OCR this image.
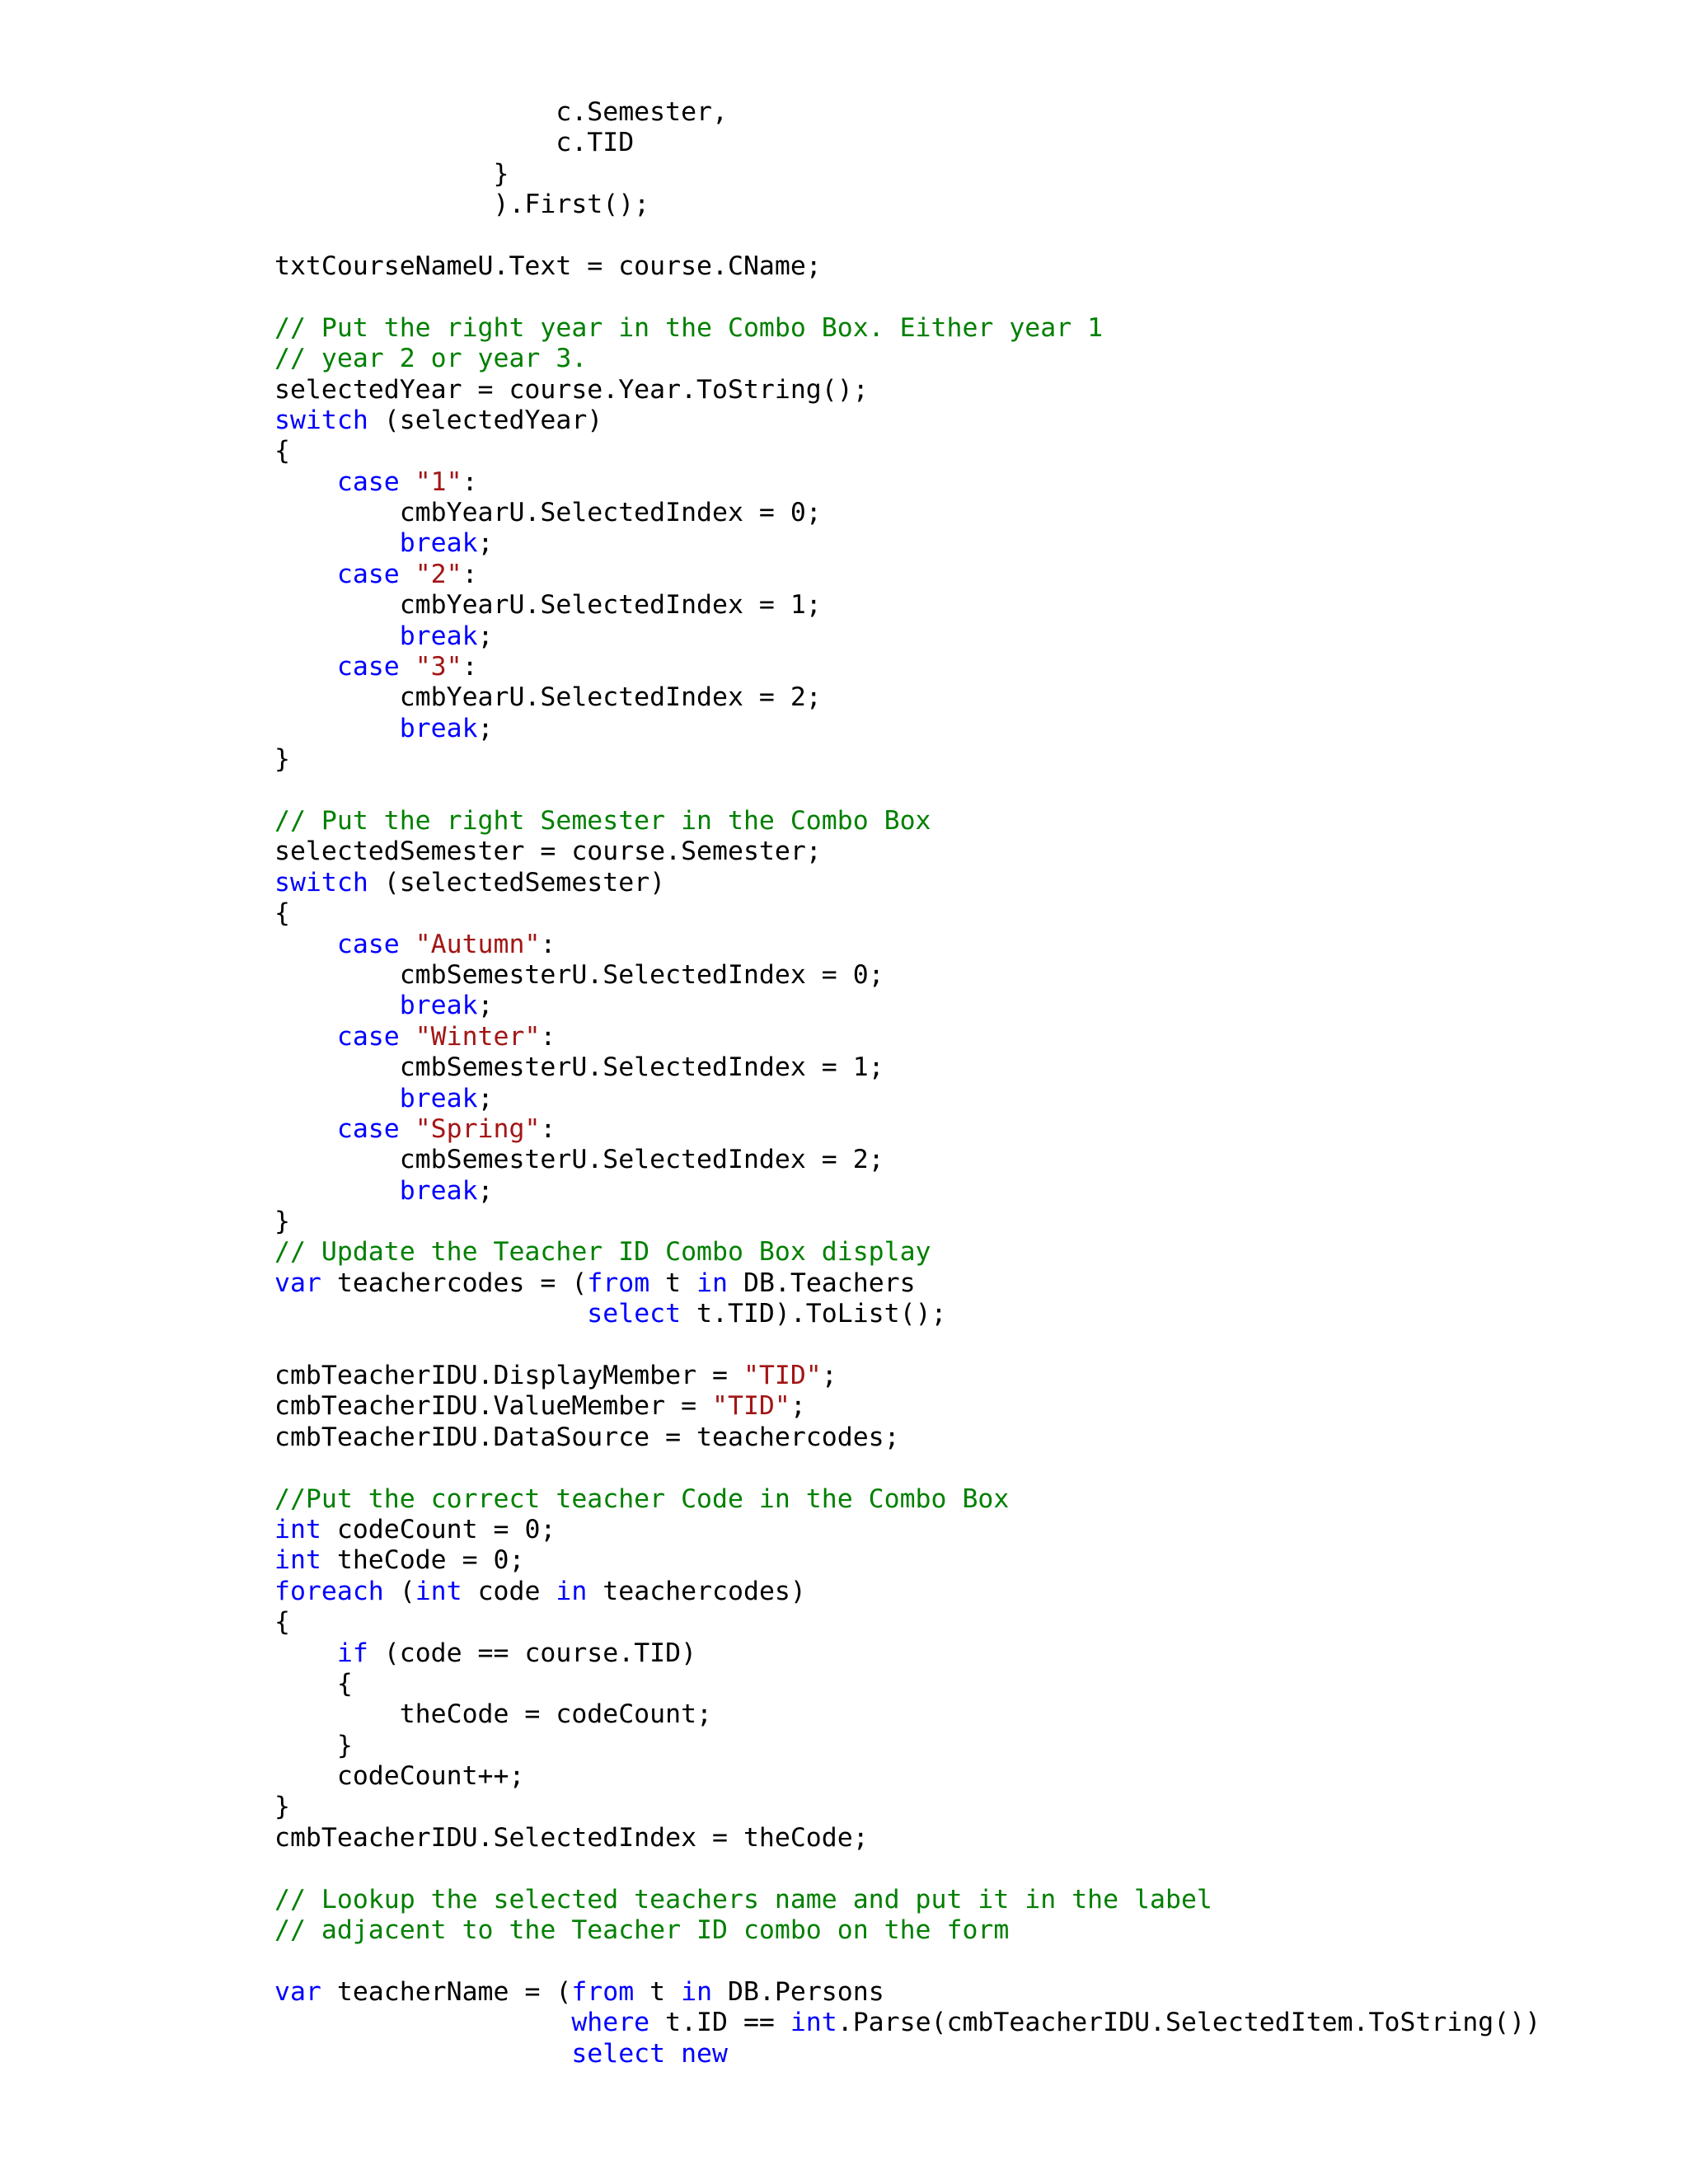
c.Semester,
c.TID
}
).First();

txtCourseNameU.Text = course.CName;

// Put the right year in the Combo Box. Either year 1
// year 2 or year 3.
selectedYear = course.Year.ToString();
switch (selectedYear)
{
case "1":
cmbYearU.SelectedIndex = 0;
break;
case "2":
cmbYearU.SelectedIndex = 1;
break;
case "3":
cmbYearU.SelectedIndex = 2;
break;
}

// Put the right Semester in the Combo Box
selectedSemester = course.Semester;
switch (selectedSemester)
{
case "Autumn":
cmbSemesterU.SelectedIndex = 0;
break;
case "Winter":
cmbSemesterU.SelectedIndex = 1;
break;
case "Spring":
cmbSemesterU.SelectedIndex = 2;
break;
}
// Update the Teacher ID Combo Box display
var teachercodes = (from t in DB.Teachers
select t.TID).ToList();

cmbTeacherIDU.DisplayMember = "TID";
cmbTeacherIDU.ValueMember = "TID";
cmbTeacherIDU.DataSource = teachercodes;

//Put the correct teacher Code in the Combo Box
int codeCount = 0;
int theCode = 0;
foreach (int code in teachercodes)
{
if (code == course.TID)
{
theCode = codeCount;
}
codeCount++;
}
cmbTeacherIDU.SelectedIndex = theCode;

// Lookup the selected teachers name and put it in the label
// adjacent to the Teacher ID combo on the form

var teacherName = (from t in DB.Persons
where t.ID == int.Parse(cmbTeacherIDU.SelectedItem.ToString())
select new
